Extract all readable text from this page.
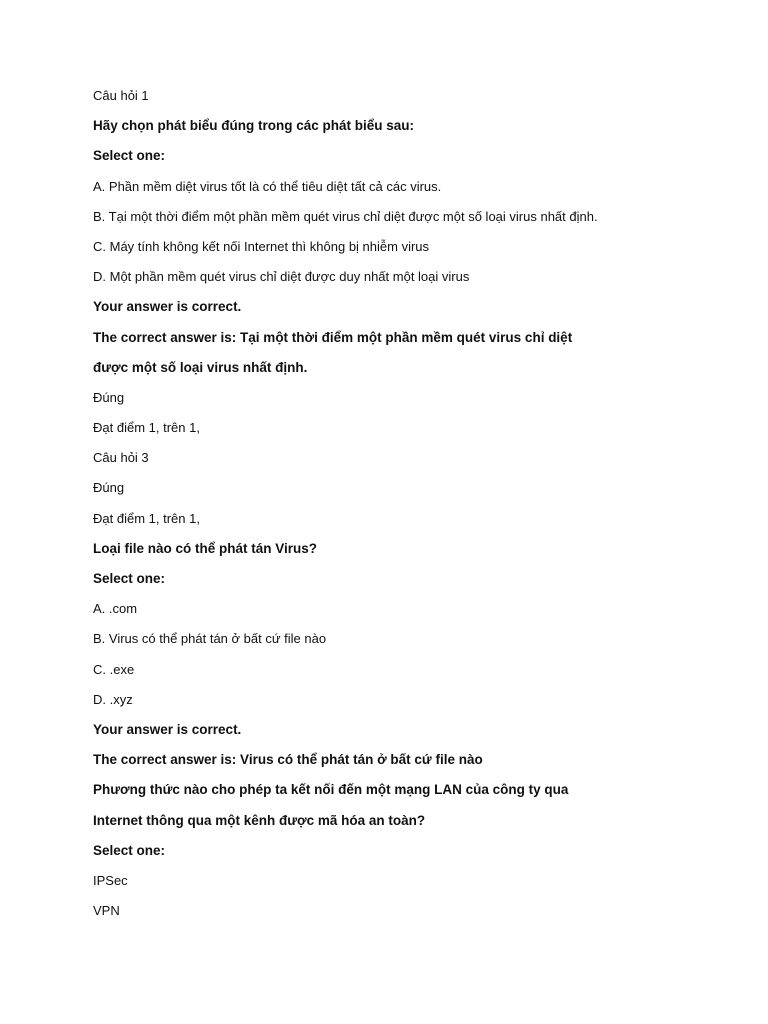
Câu hỏi 1
Hãy chọn phát biểu đúng trong các phát biểu sau:
Select one:
A. Phần mềm diệt virus tốt là có thể tiêu diệt tất cả các virus.
B. Tại một thời điểm một phần mềm quét virus chỉ diệt được một số loại virus nhất định.
C. Máy tính không kết nối Internet thì không bị nhiễm virus
D. Một phần mềm quét virus chỉ diệt được duy nhất một loại virus
Your answer is correct.
The correct answer is: Tại một thời điểm một phần mềm quét virus chỉ diệt
được một số loại virus nhất định.
Đúng
Đạt điểm 1, trên 1,
Câu hỏi 3
Đúng
Đạt điểm 1, trên 1,
Loại file nào có thể phát tán Virus?
Select one:
A. .com
B. Virus có thể phát tán ở bất cứ file nào
C. .exe
D. .xyz
Your answer is correct.
The correct answer is: Virus có thể phát tán ở bất cứ file nào
Phương thức nào cho phép ta kết nối đến một mạng LAN của công ty qua
Internet thông qua một kênh được mã hóa an toàn?
Select one:
IPSec
VPN
